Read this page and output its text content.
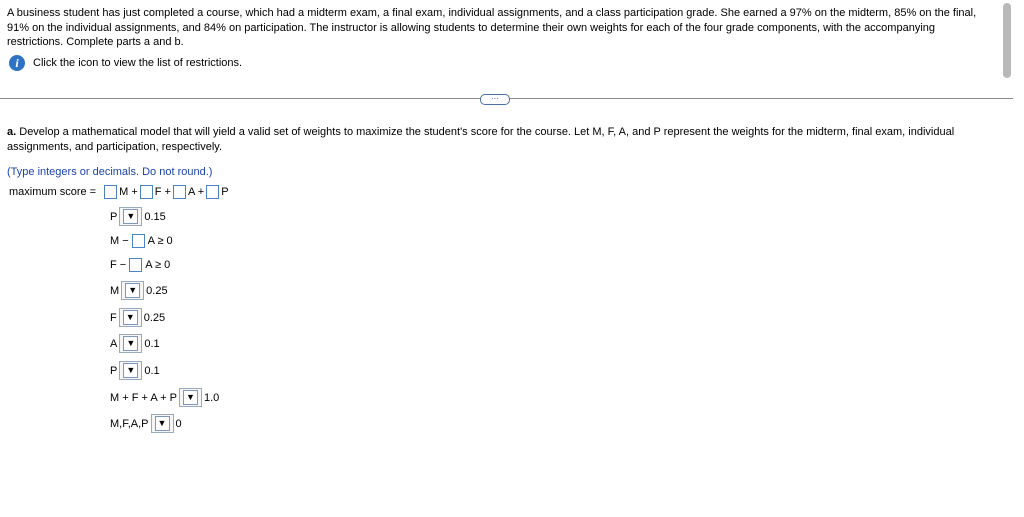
A business student has just completed a course, which had a midterm exam, a final exam, individual assignments, and a class participation grade. She earned a 97% on the midterm, 85% on the final, 91% on the individual assignments, and 84% on participation. The instructor is allowing students to determine their own weights for each of the four grade components, with the accompanying restrictions. Complete parts a and b.

i	Click the icon to view the list of restrictions.
···

a. Develop a mathematical model that will yield a valid set of weights to maximize the student's score for the course. Let M, F, A, and P represent the weights for the midterm, final exam, individual assignments, and participation, respectively.

(Type integers or decimals. Do not round.)
maximum score = M + F + A + P
P	▼ 0.15
M − A ≥ 0
F − A ≥ 0
M	▼ 0.25
F	▼ 0.25
A	▼ 0.1
P	▼ 0.1
M + F + A + P	▼ 1.0
M,F,A,P	▼ 0
